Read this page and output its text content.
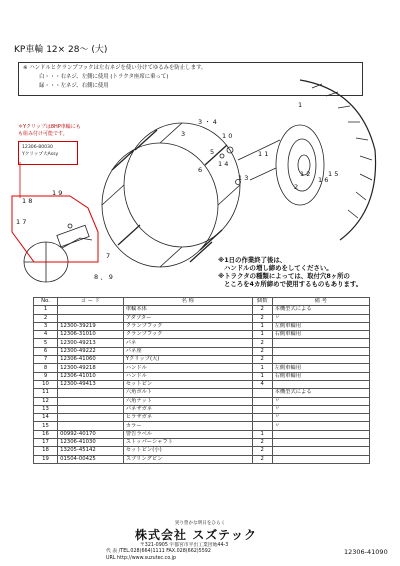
KP車輪 12× 28〜 (大)
※ ハンドルとクランプフックは左右ネジを使い分けてゆるみを防止します。
白・・・右ネジ、左側に使用 (トラクタ座席に乗って)
緑・・・左ネジ、右側に使用
＊Yクリップは8HP車輪にも
も組み付け可能です。
12306-80030
Yクリップ大Assy
1
1 0
3 ・ 4
3
1 1
2
1 6
1 2	1 5
5
1 4
1 3
6
1 9
1 8
1 7
7
8 、 9
※1日の作業終了後は、
ハンドルの増し締めをしてください。
※トラクタの種類によっては、取付穴8ヶ所の
ところを4カ所締めで使用するものもあります。
No.	コ ー ド	名 称	個数	備 考
1		車輪本体	2	本機型式による
2		アダプター	2	〃
3	12300-39219	クランプフック	1	左側車輪用
4	12306-31010	クランプフック	1	右側車輪用
5	12300-49213	バネ	2	
6	12300-49222	バネ座	2	
7	12306-41060	Yクリップ(大)	2	
8	12300-49218	ハンドル	1	左側車輪用
9	12306-41010	ハンドル	1	右側車輪用
10	12300-49413	セットピン	4	
11		六角ボルト		本機型式による
12		六角ナット		〃
13		バネザガネ		〃
14		ヒラザガネ		〃
15		カラー		〃
16	00992-40170	警告ラベル	1	
17	12306-41030	ストッパーシャフト	2	
18	13205-45142	セットピン(小)	2	
19	01504-00425	スプリングピン	2	
実り豊かな明日をひらく
株式会社 スズテック
〒321-0905 宇都宮市平出工業団地44-3
代 表 /TEL.028(664)1111 FAX.028(662)5592
URL http://www.suzutec.co.jp
12306-41090
